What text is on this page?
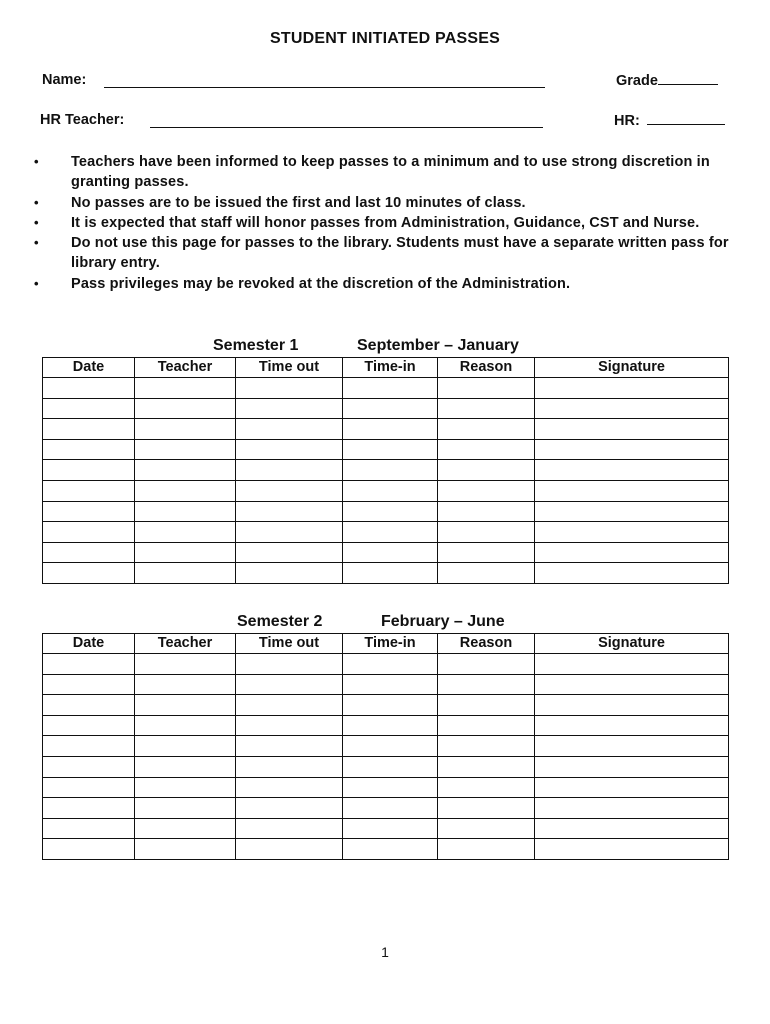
STUDENT INITIATED PASSES
Name:	Grade
HR Teacher:	HR:
• Teachers have been informed to keep passes to a minimum and to use strong discretion in granting passes.
• No passes are to be issued the first and last 10 minutes of class.
• It is expected that staff will honor passes from Administration, Guidance, CST and Nurse.
• Do not use this page for passes to the library. Students must have a separate written pass for library entry.
• Pass privileges may be revoked at the discretion of the Administration.
Semester 1	September – January
Date	Teacher	Time out	Time-in	Reason	Signature

Semester 2	February – June
Date	Teacher	Time out	Time-in	Reason	Signature

1
